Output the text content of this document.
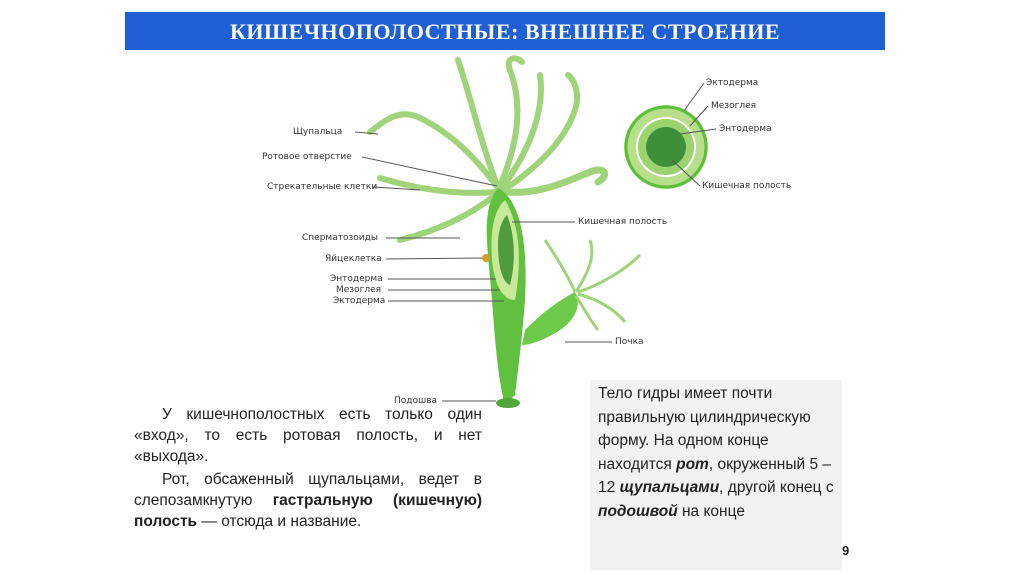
КИШЕЧНОПОЛОСТНЫЕ: ВНЕШНЕЕ СТРОЕНИЕ
Щупальца
Ротовое отверстие
Стрекательные клетки
Сперматозоиды
Яйцеклетка
Энтодерма
Мезоглея
Эктодерма
Кишечная полость
Почка
Подошва
Эктодерма
Мезоглея
Энтодерма
Кишечная полость

У кишечнополостных есть только один «вход», то есть ротовая полость, и нет «выхода».

Рот, обсаженный щупальцами, ведет в слепозамкнутую гастральную (кишечную) полость — отсюда и название.

Тело гидры имеет почти правильную цилиндрическую форму. На одном конце находится рот, окруженный 5 – 12 щупальцами, другой конец с подошвой на конце
9
